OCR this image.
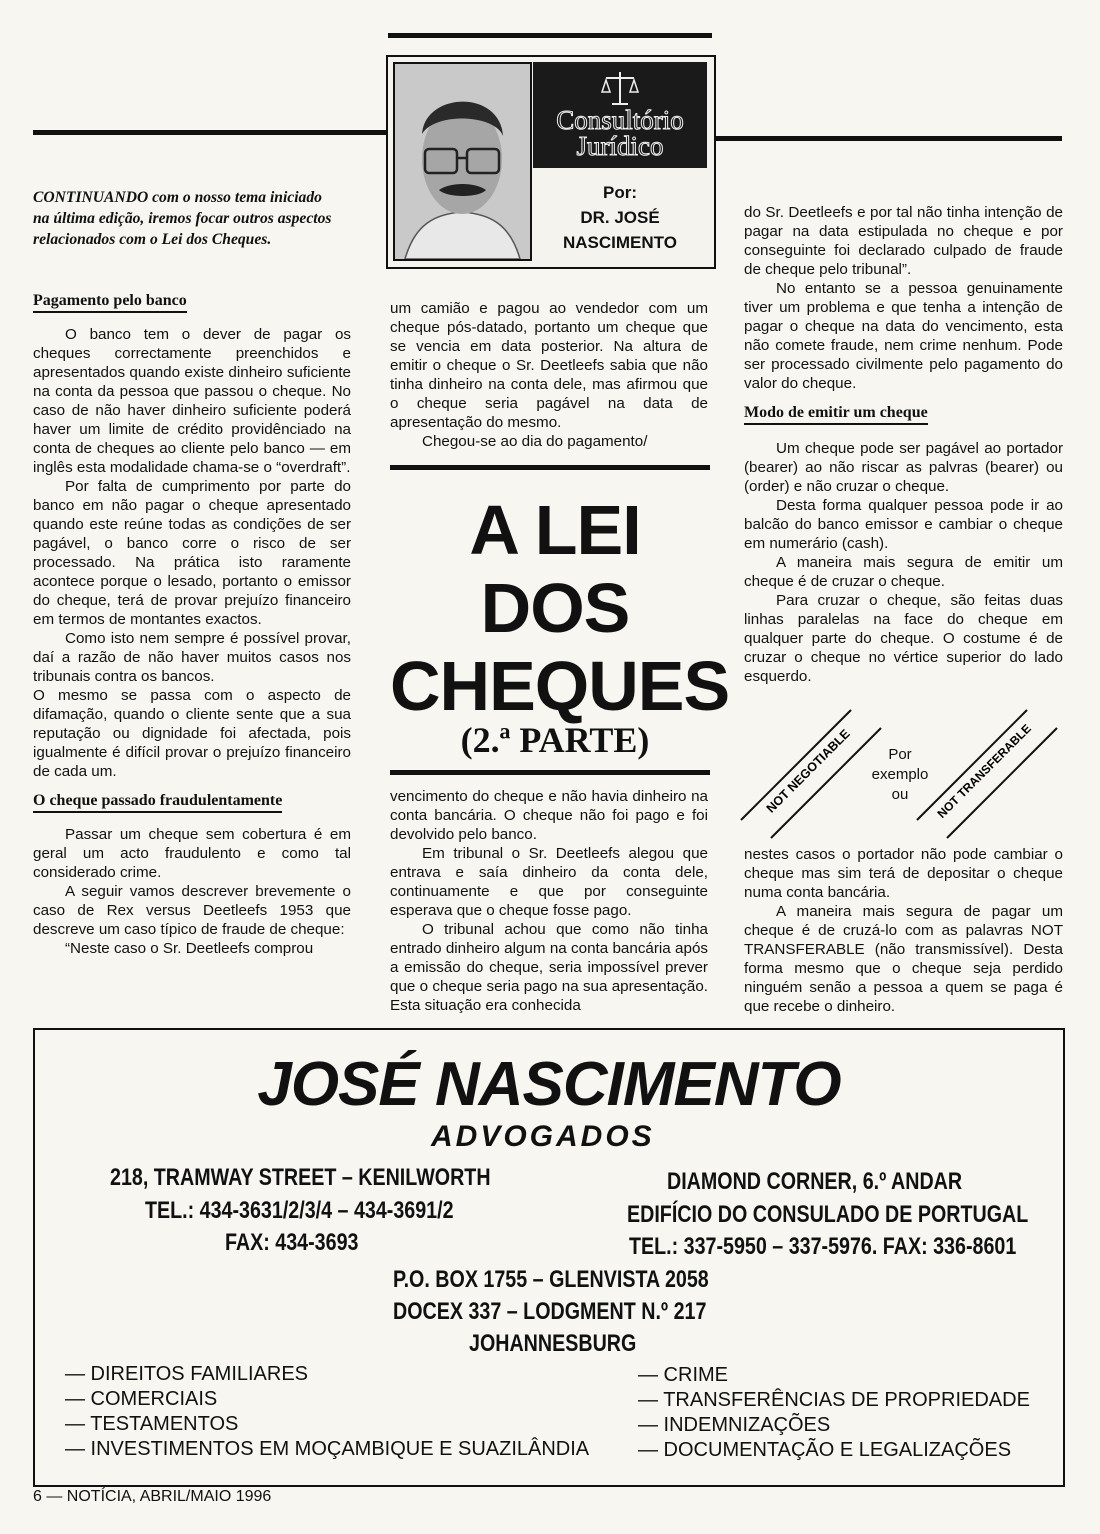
Consultório
Jurídico
Por:
DR. JOSÉ
NASCIMENTO
CONTINUANDO com o nosso tema iniciado na última edição, iremos focar outros aspectos relacionados com o Lei dos Cheques.

Pagamento pelo banco

O banco tem o dever de pagar os cheques correctamente preenchidos e apresentados quando existe dinheiro suficiente na conta da pessoa que passou o cheque. No caso de não haver dinheiro suficiente poderá haver um limite de crédito providênciado na conta de cheques ao cliente pelo banco — em inglês esta modalidade chama-se o “overdraft”.

Por falta de cumprimento por parte do banco em não pagar o cheque apresentado quando este reúne todas as condições de ser pagável, o banco corre o risco de ser processado. Na prática isto raramente acontece porque o lesado, portanto o emissor do cheque, terá de provar prejuízo financeiro em termos de montantes exactos.

Como isto nem sempre é possível provar, daí a razão de não haver muitos casos nos tribunais contra os bancos.

O mesmo se passa com o aspecto de difamação, quando o cliente sente que a sua reputação ou dignidade foi afectada, pois igualmente é difícil provar o prejuízo financeiro de cada um.

O cheque passado fraudulentamente

Passar um cheque sem cobertura é em geral um acto fraudulento e como tal considerado crime.

A seguir vamos descrever brevemente o caso de Rex versus Deetleefs 1953 que descreve um caso típico de fraude de cheque:

“Neste caso o Sr. Deetleefs comprou

um camião e pagou ao vendedor com um cheque pós-datado, portanto um cheque que se vencia em data posterior. Na altura de emitir o cheque o Sr. Deetleefs sabia que não tinha dinheiro na conta dele, mas afirmou que o cheque seria pagável na data de apresentação do mesmo.

Chegou-se ao dia do pagamento/

A LEI
DOS
CHEQUES
(2.ª PARTE)

vencimento do cheque e não havia dinheiro na conta bancária. O cheque não foi pago e foi devolvido pelo banco.

Em tribunal o Sr. Deetleefs alegou que entrava e saía dinheiro da conta dele, continuamente e que por conseguinte esperava que o cheque fosse pago.

O tribunal achou que como não tinha entrado dinheiro algum na conta bancária após a emissão do cheque, seria impossível prever que o cheque seria pago na sua apresentação. Esta situação era conhecida

do Sr. Deetleefs e por tal não tinha intenção de pagar na data estipulada no cheque e por conseguinte foi declarado culpado de fraude de cheque pelo tribunal”.

No entanto se a pessoa genuinamente tiver um problema e que tenha a intenção de pagar o cheque na data do vencimento, esta não comete fraude, nem crime nenhum. Pode ser processado civilmente pelo pagamento do valor do cheque.

Modo de emitir um cheque

Um cheque pode ser pagável ao portador (bearer) ao não riscar as palvras (bearer) ou (order) e não cruzar o cheque.

Desta forma qualquer pessoa pode ir ao balcão do banco emissor e cambiar o cheque em numerário (cash).

A maneira mais segura de emitir um cheque é de cruzar o cheque.

Para cruzar o cheque, são feitas duas linhas paralelas na face do cheque em qualquer parte do cheque. O costume é de cruzar o cheque no vértice superior do lado esquerdo.

NOT NEGOTIABLE	Por
exemplo
ou	NOT TRANSFERABLE

nestes casos o portador não pode cambiar o cheque mas sim terá de depositar o cheque numa conta bancária.

A maneira mais segura de pagar um cheque é de cruzá-lo com as palavras NOT TRANSFERABLE (não transmissível). Desta forma mesmo que o cheque seja perdido ninguém senão a pessoa a quem se paga é que recebe o dinheiro.

JOSÉ NASCIMENTO
ADVOGADOS
218, TRAMWAY STREET – KENILWORTH
TEL.: 434-3631/2/3/4 – 434-3691/2
FAX: 434-3693
DIAMOND CORNER, 6.º ANDAR
EDIFÍCIO DO CONSULADO DE PORTUGAL
TEL.: 337-5950 – 337-5976. FAX: 336-8601
P.O. BOX 1755 – GLENVISTA 2058
DOCEX 337 – LODGMENT N.º 217
JOHANNESBURG
— DIREITOS FAMILIARES
— COMERCIAIS
— TESTAMENTOS
— INVESTIMENTOS EM MOÇAMBIQUE E SUAZILÂNDIA
— CRIME
— TRANSFERÊNCIAS DE PROPRIEDADE
— INDEMNIZAÇÕES
— DOCUMENTAÇÃO E LEGALIZAÇÕES
6 — NOTÍCIA, ABRIL/MAIO 1996
